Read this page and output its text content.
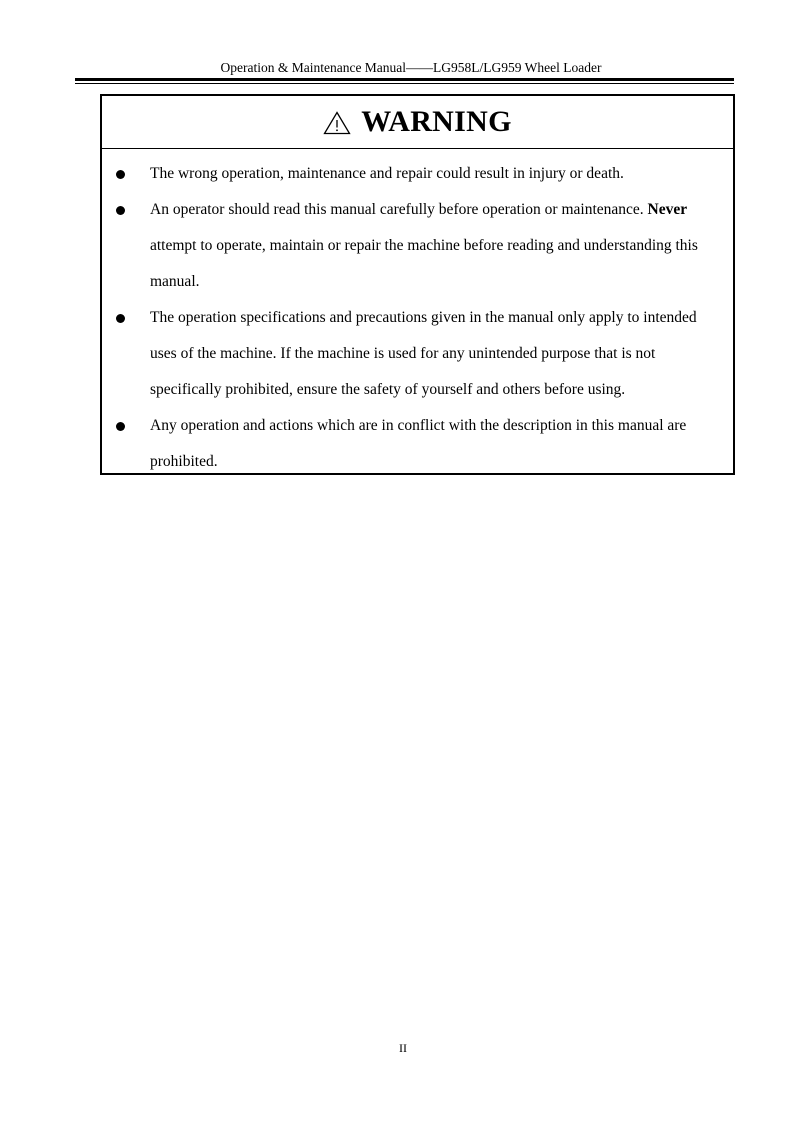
Operation & Maintenance Manual——LG958L/LG959 Wheel Loader
WARNING
The wrong operation, maintenance and repair could result in injury or death.
An operator should read this manual carefully before operation or maintenance. Never attempt to operate, maintain or repair the machine before reading and understanding this manual.
The operation specifications and precautions given in the manual only apply to intended uses of the machine. If the machine is used for any unintended purpose that is not specifically prohibited, ensure the safety of yourself and others before using.
Any operation and actions which are in conflict with the description in this manual are prohibited.
II
